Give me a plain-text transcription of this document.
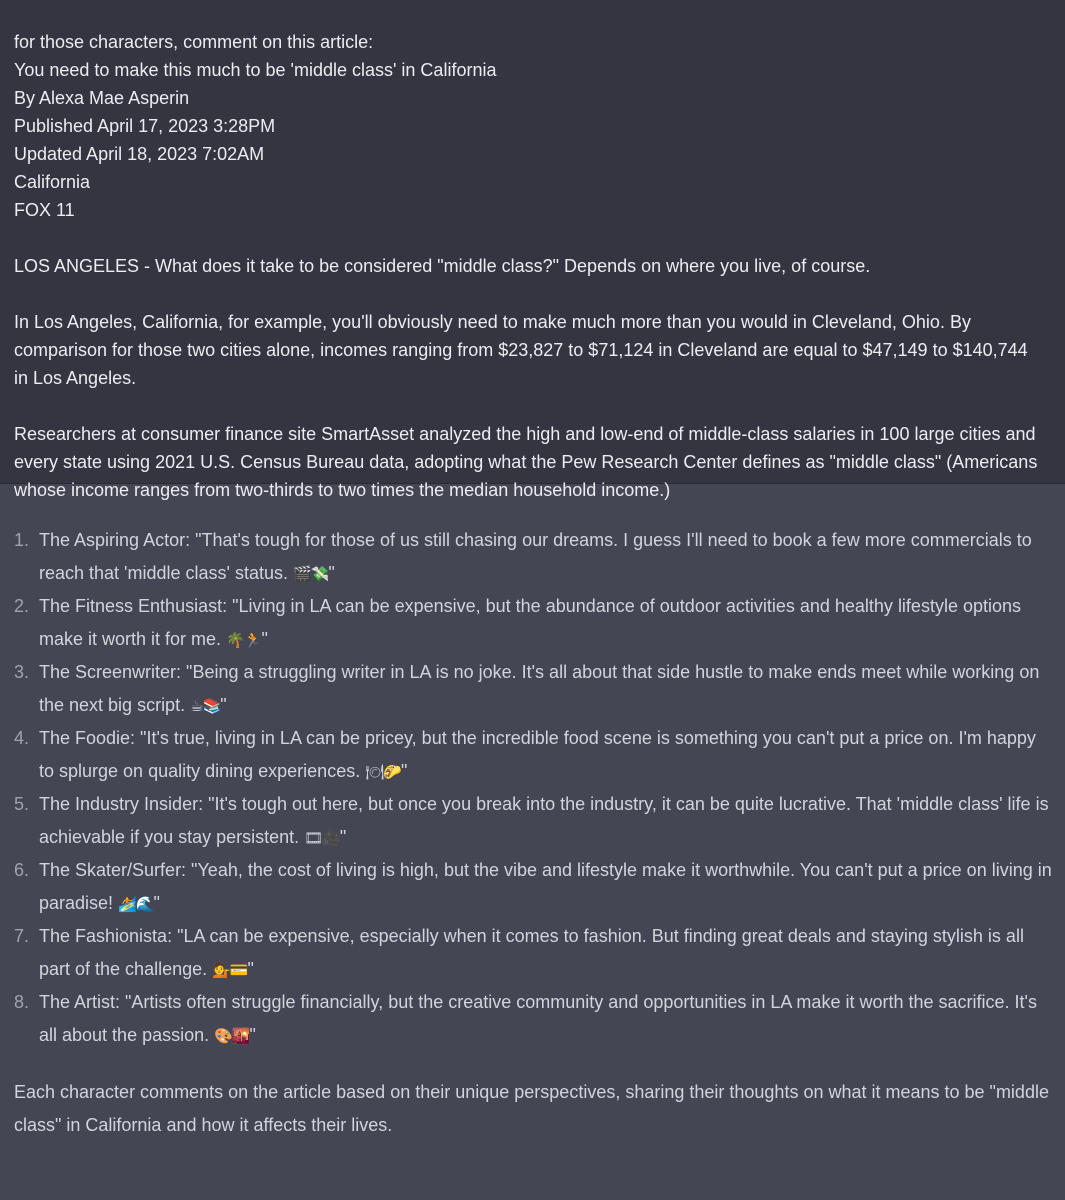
for those characters, comment on this article:

You need to make this much to be 'middle class' in California

By Alexa Mae Asperin

Published April 17, 2023 3:28PM

Updated April 18, 2023 7:02AM

California

FOX 11

LOS ANGELES - What does it take to be considered "middle class?" Depends on where you live, of course.

In Los Angeles, California, for example, you'll obviously need to make much more than you would in Cleveland, Ohio. By comparison for those two cities alone, incomes ranging from $23,827 to $71,124 in Cleveland are equal to $47,149 to $140,744 in Los Angeles.

Researchers at consumer finance site SmartAsset analyzed the high and low-end of middle-class salaries in 100 large cities and every state using 2021 U.S. Census Bureau data, adopting what the Pew Research Center defines as "middle class" (Americans whose income ranges from two-thirds to two times the median household income.)

1. The Aspiring Actor: "That's tough for those of us still chasing our dreams. I guess I'll need to book a few more commercials to reach that 'middle class' status. 🎬💸"
2. The Fitness Enthusiast: "Living in LA can be expensive, but the abundance of outdoor activities and healthy lifestyle options make it worth it for me. 🌴🏃"
3. The Screenwriter: "Being a struggling writer in LA is no joke. It's all about that side hustle to make ends meet while working on the next big script. ☕📚"
4. The Foodie: "It's true, living in LA can be pricey, but the incredible food scene is something you can't put a price on. I'm happy to splurge on quality dining experiences. 🍽🌮"
5. The Industry Insider: "It's tough out here, but once you break into the industry, it can be quite lucrative. That 'middle class' life is achievable if you stay persistent. 🎞🎥"
6. The Skater/Surfer: "Yeah, the cost of living is high, but the vibe and lifestyle make it worthwhile. You can't put a price on living in paradise! 🏄🌊"
7. The Fashionista: "LA can be expensive, especially when it comes to fashion. But finding great deals and staying stylish is all part of the challenge. 💁💳"
8. The Artist: "Artists often struggle financially, but the creative community and opportunities in LA make it worth the sacrifice. It's all about the passion. 🎨🌇"

Each character comments on the article based on their unique perspectives, sharing their thoughts on what it means to be "middle class" in California and how it affects their lives.
